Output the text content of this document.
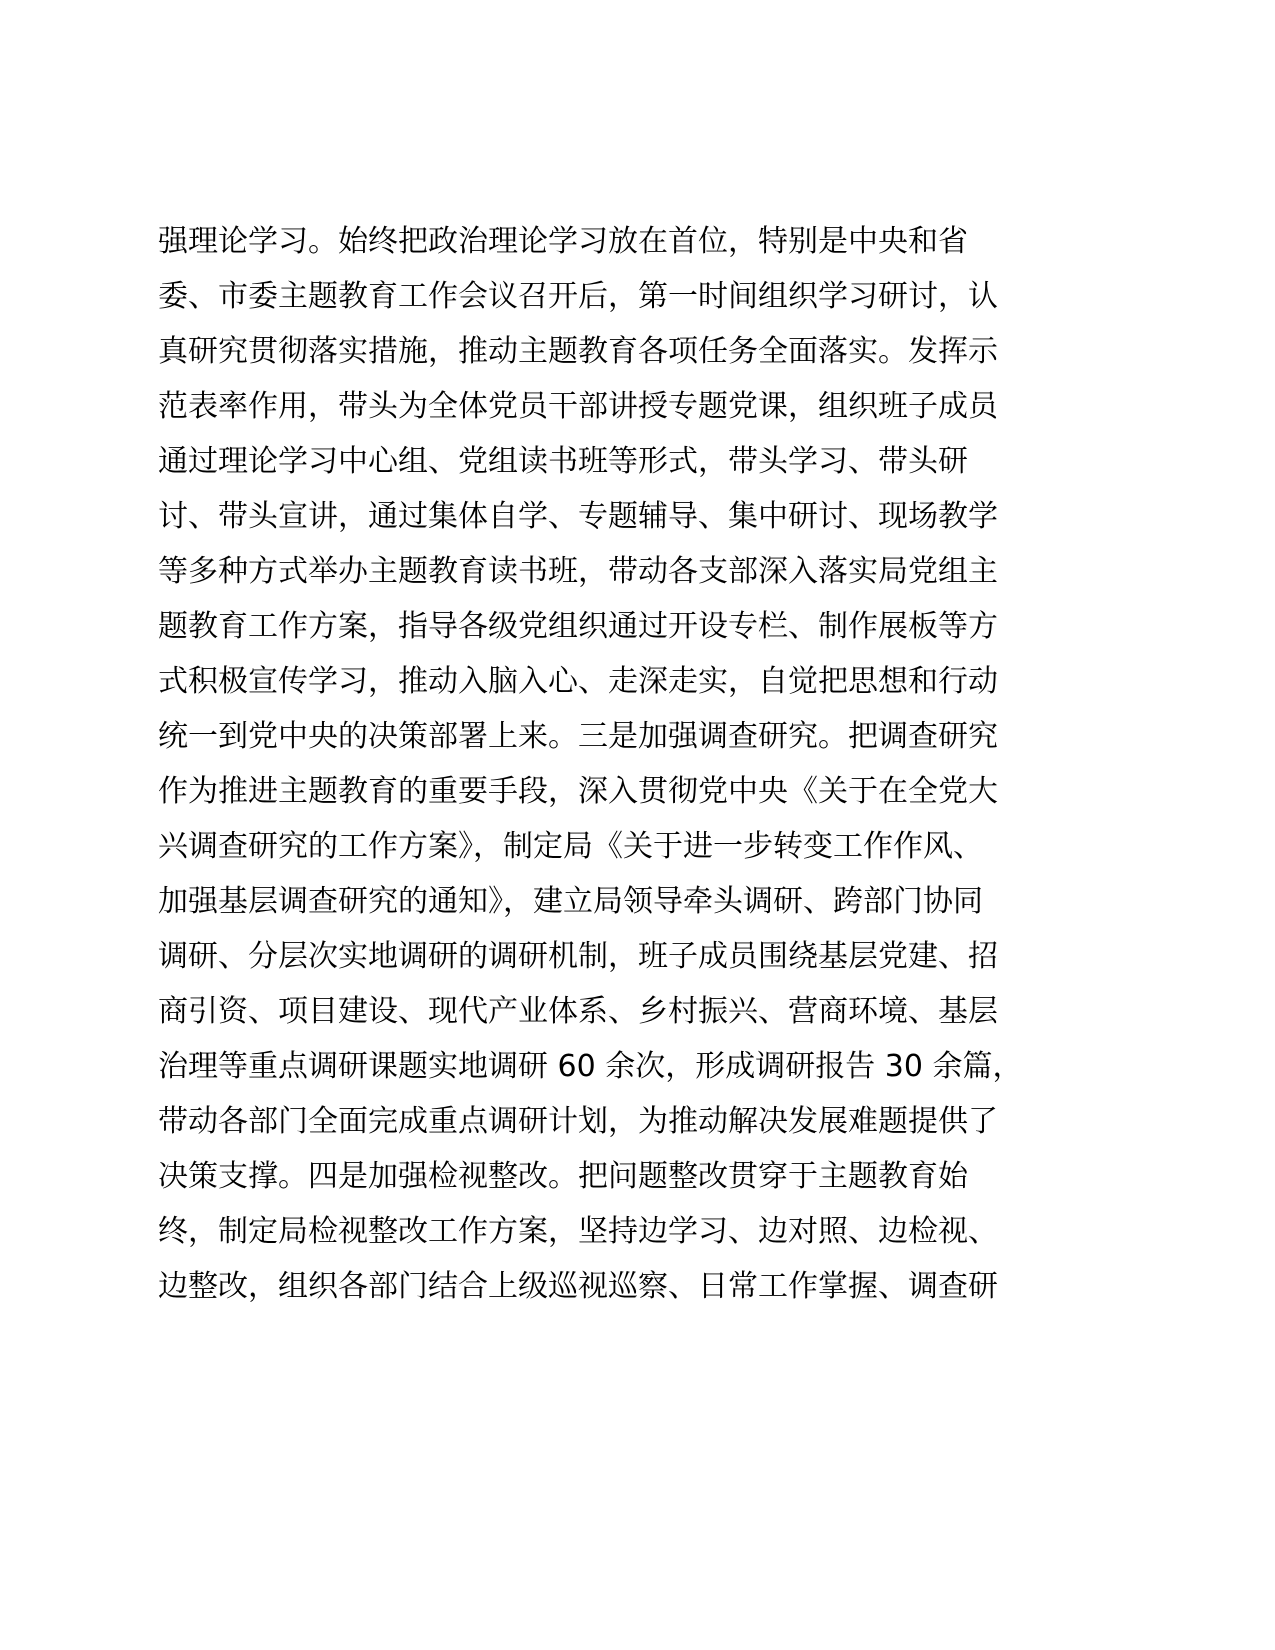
强理论学习。始终把政治理论学习放在首位，特别是中央和省
委、市委主题教育工作会议召开后，第一时间组织学习研讨，认
真研究贯彻落实措施，推动主题教育各项任务全面落实。发挥示
范表率作用，带头为全体党员干部讲授专题党课，组织班子成员
通过理论学习中心组、党组读书班等形式，带头学习、带头研
讨、带头宣讲，通过集体自学、专题辅导、集中研讨、现场教学
等多种方式举办主题教育读书班，带动各支部深入落实局党组主
题教育工作方案，指导各级党组织通过开设专栏、制作展板等方
式积极宣传学习，推动入脑入心、走深走实，自觉把思想和行动
统一到党中央的决策部署上来。三是加强调查研究。把调查研究
作为推进主题教育的重要手段，深入贯彻党中央《关于在全党大
兴调查研究的工作方案》，制定局《关于进一步转变工作作风、
加强基层调查研究的通知》，建立局领导牵头调研、跨部门协同
调研、分层次实地调研的调研机制，班子成员围绕基层党建、招
商引资、项目建设、现代产业体系、乡村振兴、营商环境、基层
治理等重点调研课题实地调研 60 余次，形成调研报告 30 余篇，
带动各部门全面完成重点调研计划，为推动解决发展难题提供了
决策支撑。四是加强检视整改。把问题整改贯穿于主题教育始
终，制定局检视整改工作方案，坚持边学习、边对照、边检视、
边整改，组织各部门结合上级巡视巡察、日常工作掌握、调查研
